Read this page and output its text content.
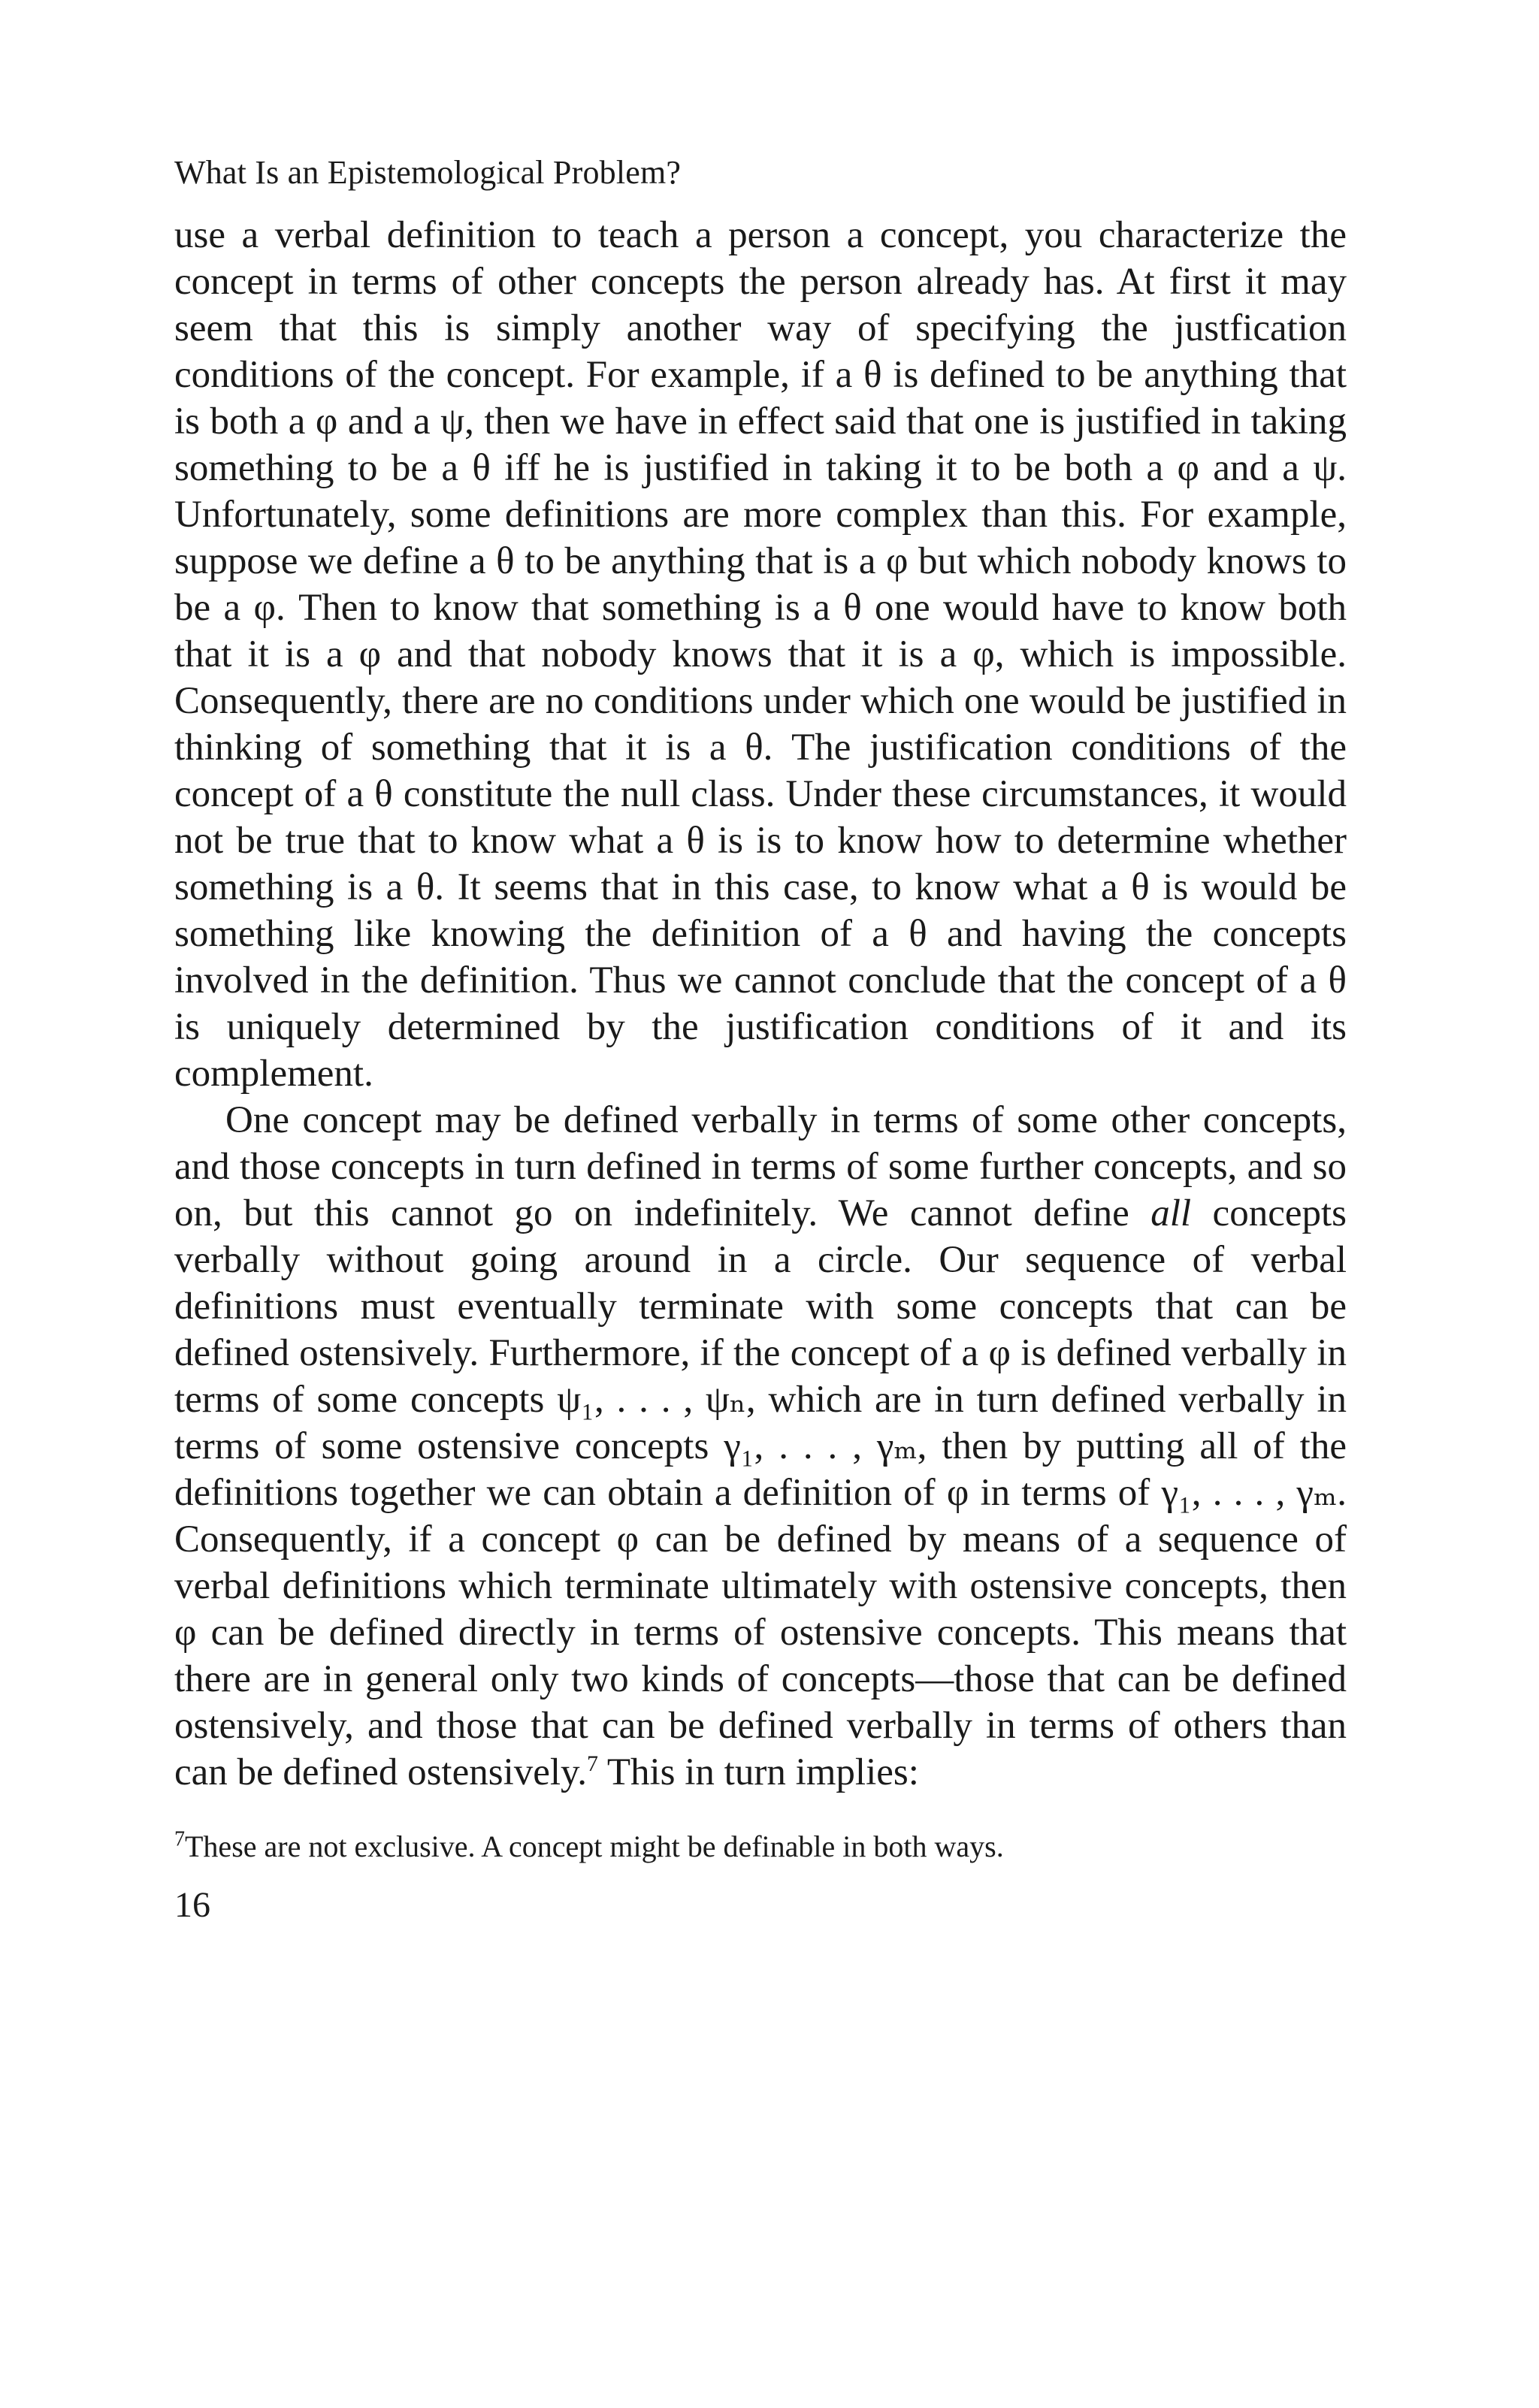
What Is an Epistemological Problem?

use a verbal definition to teach a person a concept, you characterize the concept in terms of other concepts the person already has. At first it may seem that this is simply another way of specifying the justfication conditions of the concept. For example, if a θ is defined to be anything that is both a φ and a ψ, then we have in effect said that one is justified in taking something to be a θ iff he is justified in taking it to be both a φ and a ψ. Unfortunately, some definitions are more complex than this. For example, suppose we define a θ to be anything that is a φ but which nobody knows to be a φ. Then to know that something is a θ one would have to know both that it is a φ and that nobody knows that it is a φ, which is impossible. Consequently, there are no conditions under which one would be justified in thinking of something that it is a θ. The justification conditions of the concept of a θ constitute the null class. Under these circumstances, it would not be true that to know what a θ is is to know how to determine whether something is a θ. It seems that in this case, to know what a θ is would be something like knowing the definition of a θ and having the concepts involved in the definition. Thus we cannot conclude that the concept of a θ is uniquely determined by the justification conditions of it and its complement.

One concept may be defined verbally in terms of some other concepts, and those concepts in turn defined in terms of some further concepts, and so on, but this cannot go on indefinitely. We cannot define all concepts verbally without going around in a circle. Our sequence of verbal definitions must eventually terminate with some concepts that can be defined ostensively. Furthermore, if the concept of a φ is defined verbally in terms of some concepts ψ₁, . . . , ψₙ, which are in turn defined verbally in terms of some ostensive concepts γ₁, . . . , γₘ, then by putting all of the definitions together we can obtain a definition of φ in terms of γ₁, . . . , γₘ. Consequently, if a concept φ can be defined by means of a sequence of verbal definitions which terminate ultimately with ostensive concepts, then φ can be defined directly in terms of ostensive concepts. This means that there are in general only two kinds of concepts—those that can be defined ostensively, and those that can be defined verbally in terms of others than can be defined ostensively.$^7$ This in turn implies:

$^7$These are not exclusive. A concept might be definable in both ways.

16
